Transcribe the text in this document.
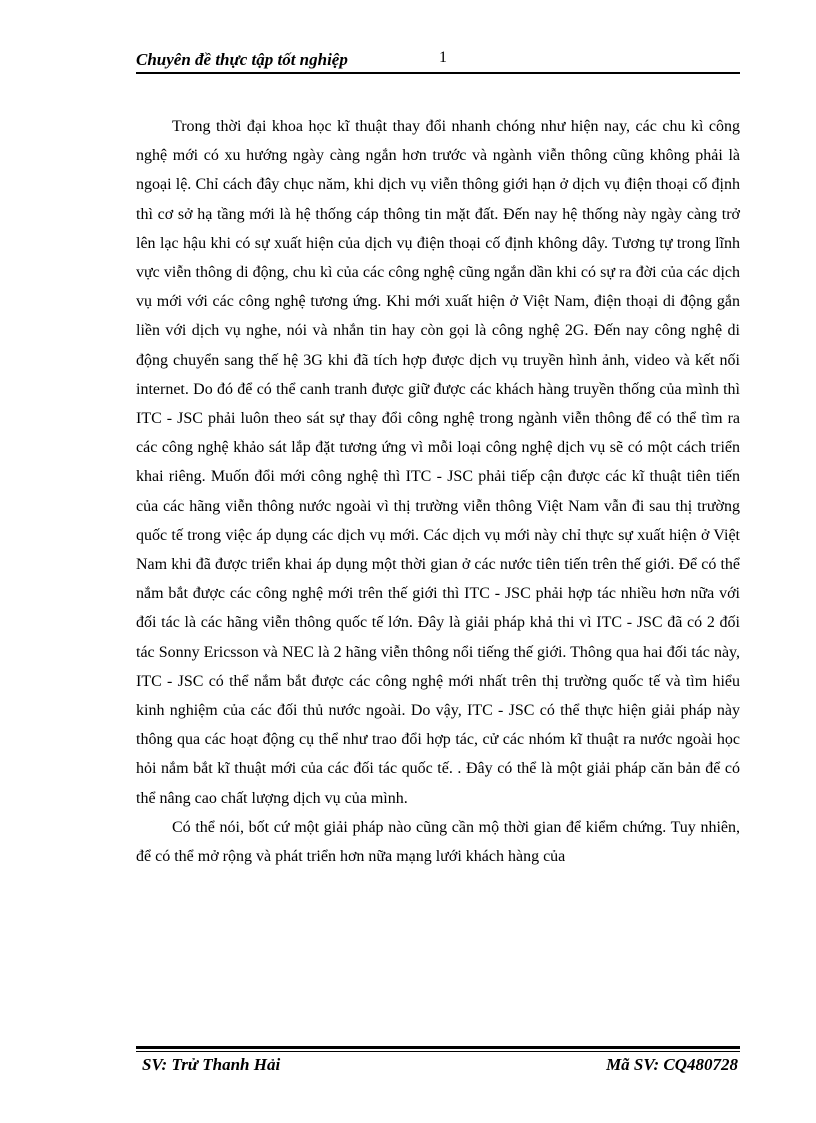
Chuyên đề thực tập tốt nghiệp	1

Trong thời đại khoa học kĩ thuật thay đổi nhanh chóng như hiện nay, các chu kì công nghệ mới có xu hướng ngày càng ngắn hơn trước và ngành viễn thông cũng không phải là ngoại lệ. Chỉ cách đây chục năm, khi dịch vụ viễn thông giới hạn ở dịch vụ điện thoại cố định thì cơ sở hạ tầng mới là hệ thống cáp thông tin mặt đất. Đến nay hệ thống này ngày càng trở lên lạc hậu khi có sự xuất hiện của dịch vụ điện thoại cố định không dây. Tương tự trong lĩnh vực viễn thông di động, chu kì của các công nghệ cũng ngắn dần khi có sự ra đời của các dịch vụ mới với các công nghệ tương ứng. Khi mới xuất hiện ở Việt Nam, điện thoại di động gắn liền với dịch vụ nghe, nói và nhắn tin hay còn gọi là công nghệ 2G. Đến nay công nghệ di động chuyển sang thế hệ 3G khi đã tích hợp được dịch vụ truyền hình ảnh, video và kết nối internet. Do đó để có thể canh tranh được giữ được các khách hàng truyền thống của mình thì ITC - JSC phải luôn theo sát sự thay đổi công nghệ trong ngành viễn thông để có thể tìm ra các công nghệ khảo sát lắp đặt tương ứng vì mỗi loại công nghệ dịch vụ sẽ có một cách triển khai riêng. Muốn đổi mới công nghệ thì ITC - JSC phải tiếp cận được các kĩ thuật tiên tiến của các hãng viễn thông nước ngoài vì thị trường viễn thông Việt Nam vẫn đi sau thị trường quốc tế trong việc áp dụng các dịch vụ mới. Các dịch vụ mới này chỉ thực sự xuất hiện ở Việt Nam khi đã được triển khai áp dụng một thời gian ở các nước tiên tiến trên thế giới. Để có thể nắm bắt được các công nghệ mới trên thế giới thì ITC - JSC phải hợp tác nhiều hơn nữa với đối tác là các hãng viễn thông quốc tế lớn. Đây là giải pháp khả thi vì ITC - JSC đã có 2 đối tác Sonny Ericsson và NEC là 2 hãng viễn thông nổi tiếng thế giới. Thông qua hai đối tác này, ITC - JSC có thể nắm bắt được các công nghệ mới nhất trên thị trường quốc tế và tìm hiểu kinh nghiệm của các đối thủ nước ngoài. Do vậy, ITC - JSC có thể thực hiện giải pháp này thông qua các hoạt động cụ thể như trao đổi hợp tác, cử các nhóm kĩ thuật ra nước ngoài học hỏi nắm bắt kĩ thuật mới của các đối tác quốc tế. . Đây có thể là một giải pháp căn bản để có thể nâng cao chất lượng dịch vụ của mình.

Có thể nói, bốt cứ một giải pháp nào cũng cần mộ thời gian để kiểm chứng. Tuy nhiên, để có thể mở rộng và phát triển hơn nữa mạng lưới khách hàng của

SV: Trử Thanh Hải	Mã SV: CQ480728
